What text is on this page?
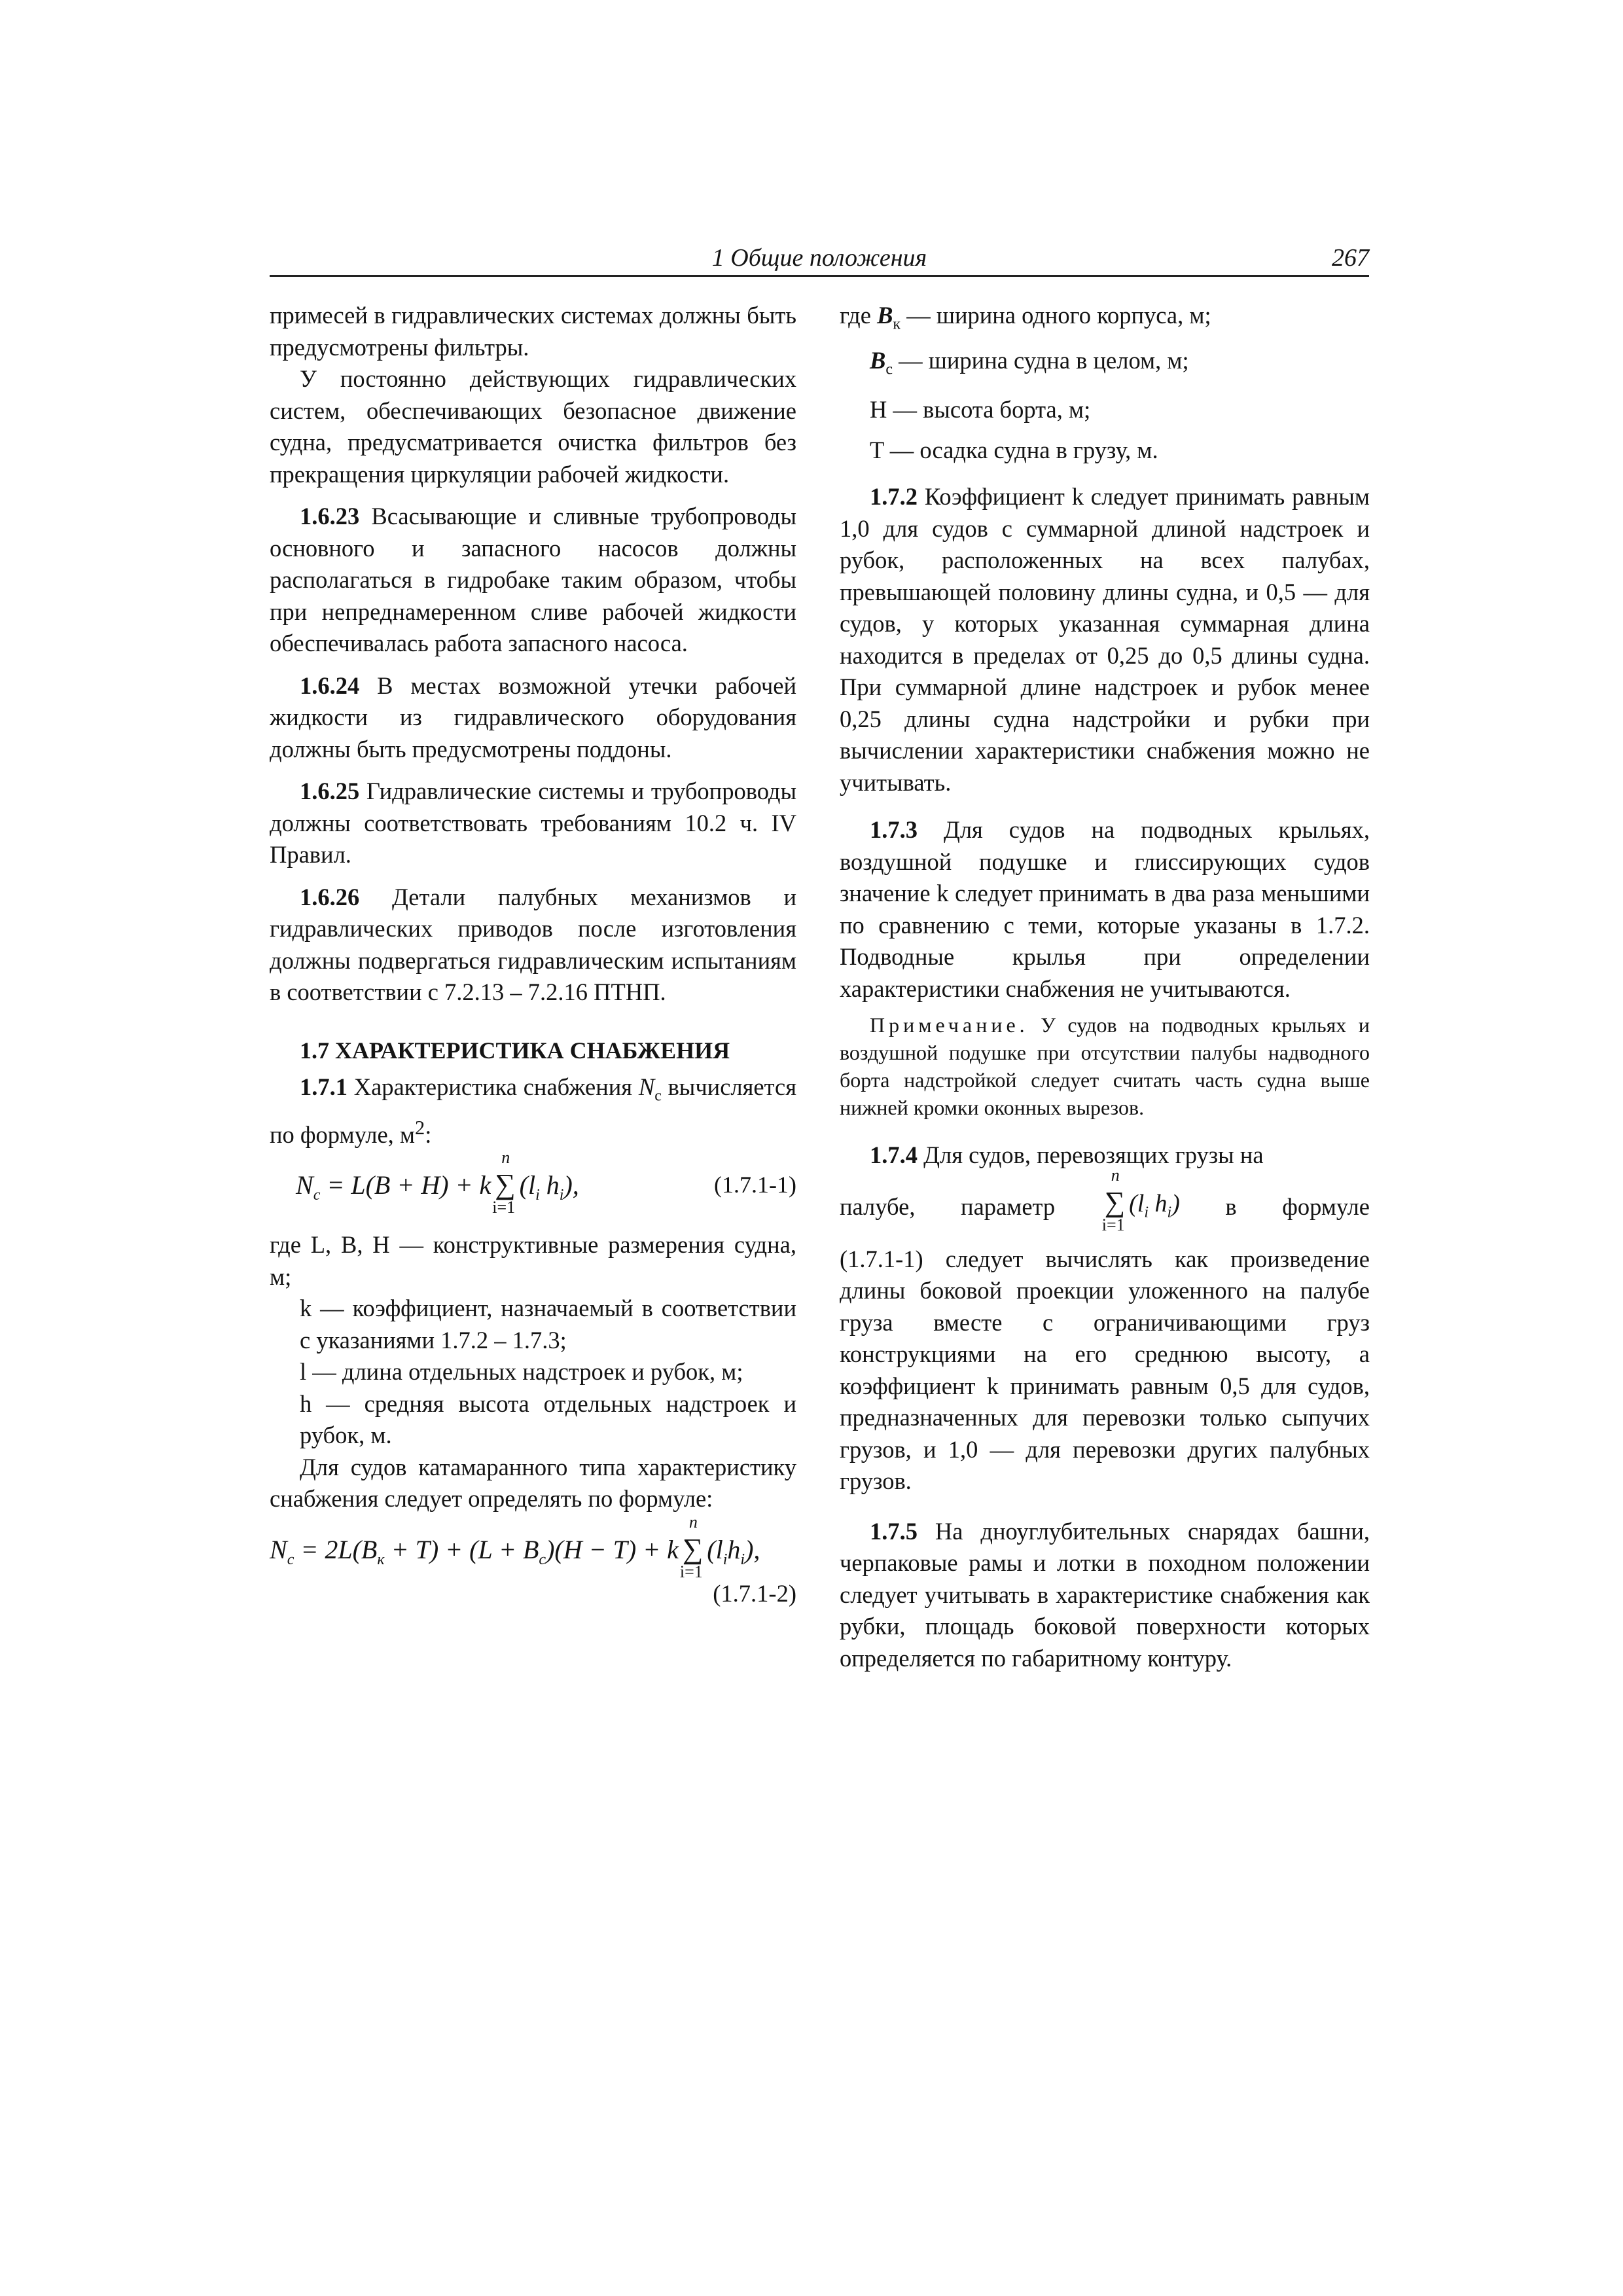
1 Общие положения	267

примесей в гидравлических системах должны быть предусмотрены фильтры.

У постоянно действующих гидравлических систем, обеспечивающих безопасное движение судна, предусматривается очистка фильтров без прекращения циркуляции рабочей жидкости.

1.6.23 Всасывающие и сливные трубопроводы основного и запасного насосов должны располагаться в гидробаке таким образом, чтобы при непреднамеренном сливе рабочей жидкости обеспечивалась работа запасного насоса.

1.6.24 В местах возможной утечки рабочей жидкости из гидравлического оборудования должны быть предусмотрены поддоны.

1.6.25 Гидравлические системы и трубопроводы должны соответствовать требованиям 10.2 ч. IV Правил.

1.6.26 Детали палубных механизмов и гидравлических приводов после изготовления должны подвергаться гидравлическим испытаниям в соответствии с 7.2.13 – 7.2.16 ПТНП.

1.7 ХАРАКТЕРИСТИКА СНАБЖЕНИЯ

1.7.1 Характеристика снабжения $N_с$ вычисляется по формуле, $м^2$:

$N_c = L(B + H) + k$ ∑
n
i=1
($l_i$ $h_i$),	(1.7.1-1)

где L, B, H — конструктивные размерения судна, м;

k — коэффициент, назначаемый в соответствии с указаниями 1.7.2 – 1.7.3;

l — длина отдельных надстроек и рубок, м;

h — средняя высота отдельных надстроек и рубок, м.

Для судов катамаранного типа характеристику снабжения следует определять по формуле:

$N_c = 2L(B_к + T) + (L + B_c)(H - T) + k$ ∑
n
i=1
$(l_ih_i)$,

(1.7.1-2)

где $B_к$ — ширина одного корпуса, м;

$B_с$ — ширина судна в целом, м;

H — высота борта, м;

T — осадка судна в грузу, м.

1.7.2 Коэффициент k следует принимать равным 1,0 для судов с суммарной длиной надстроек и рубок, расположенных на всех палубах, превышающей половину длины судна, и 0,5 — для судов, у которых указанная суммарная длина находится в пределах от 0,25 до 0,5 длины судна. При суммарной длине надстроек и рубок менее 0,25 длины судна надстройки и рубки при вычислении характеристики снабжения можно не учитывать.

1.7.3 Для судов на подводных крыльях, воздушной подушке и глиссирующих судов значение k следует принимать в два раза меньшими по сравнению с теми, которые указаны в 1.7.2. Подводные крылья при определении характеристики снабжения не учитываются.

Примечание. У судов на подводных крыльях и воздушной подушке при отсутствии палубы надводного борта надстройкой следует считать часть судна выше нижней кромки оконных вырезов.

1.7.4 Для судов, перевозящих грузы на

палубе, параметр ∑
n
i=1
($l_i$ $h_i$) в формуле

(1.7.1-1) следует вычислять как произведение длины боковой проекции уложенного на палубе груза вместе с ограничивающими груз конструкциями на его среднюю высоту, а коэффициент k принимать равным 0,5 для судов, предназначенных для перевозки только сыпучих грузов, и 1,0 — для перевозки других палубных грузов.

1.7.5 На дноуглубительных снарядах башни, черпаковые рамы и лотки в походном положении следует учитывать в характеристике снабжения как рубки, площадь боковой поверхности которых определяется по габаритному контуру.
